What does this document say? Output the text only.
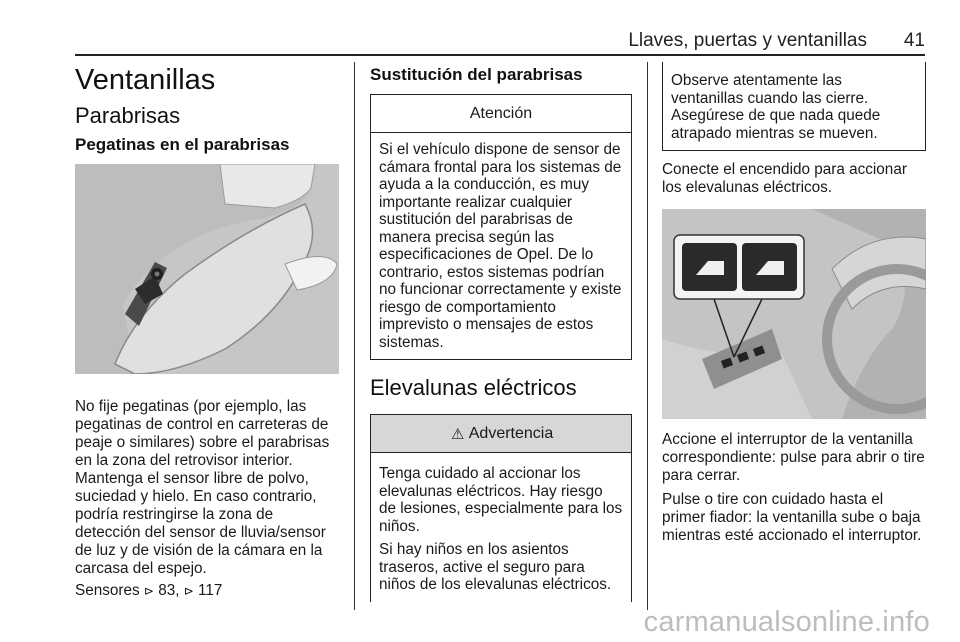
Llaves, puertas y ventanillas 41
Ventanillas
Parabrisas
Pegatinas en el parabrisas
No fije pegatinas (por ejemplo, las pegatinas de control en carreteras de peaje o similares) sobre el parabrisas en la zona del retrovisor interior. Mantenga el sensor libre de polvo, suciedad y hielo. En caso contrario, podría restringirse la zona de detección del sensor de lluvia/sensor de luz y de visión de la cámara en la carcasa del espejo.
Sensores ⊳ 83, ⊳ 117
Sustitución del parabrisas
Atención
Si el vehículo dispone de sensor de cámara frontal para los sistemas de ayuda a la conducción, es muy importante realizar cualquier sustitución del parabrisas de manera precisa según las especificaciones de Opel. De lo contrario, estos sistemas podrían no funcionar correctamente y existe riesgo de comportamiento imprevisto o mensajes de estos sistemas.
Elevalunas eléctricos
⚠ Advertencia
Tenga cuidado al accionar los elevalunas eléctricos. Hay riesgo de lesiones, especialmente para los niños.
Si hay niños en los asientos traseros, active el seguro para niños de los elevalunas eléctricos.
Observe atentamente las ventanillas cuando las cierre. Asegúrese de que nada quede atrapado mientras se mueven.
Conecte el encendido para accionar los elevalunas eléctricos.
Accione el interruptor de la ventanilla correspondiente: pulse para abrir o tire para cerrar.
Pulse o tire con cuidado hasta el primer fiador: la ventanilla sube o baja mientras esté accionado el interruptor.
carmanualsonline.info
